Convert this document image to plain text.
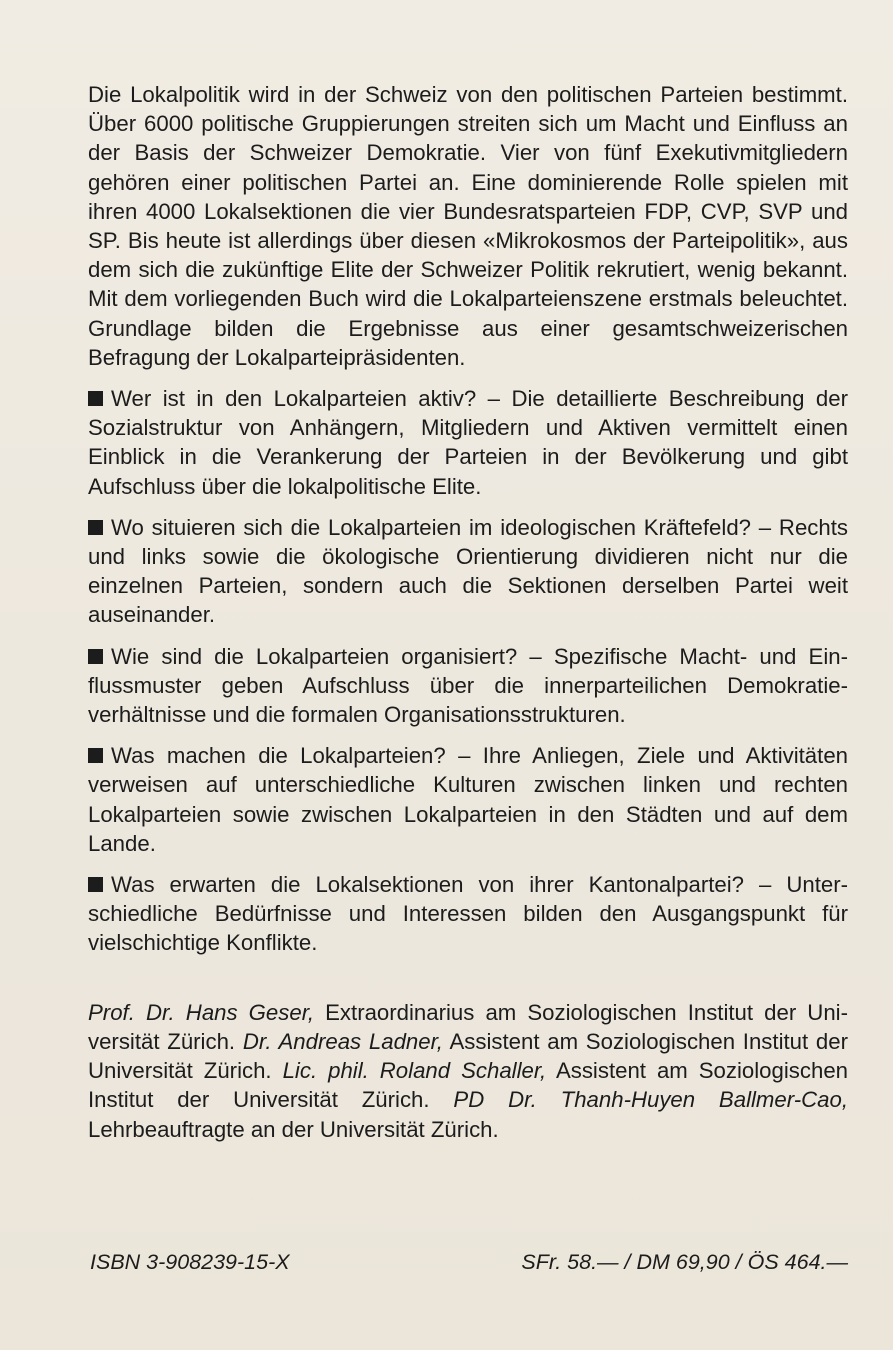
Die Lokalpolitik wird in der Schweiz von den politischen Parteien bestimmt. Über 6000 politische Gruppierungen streiten sich um Macht und Einfluss an der Basis der Schweizer Demokratie. Vier von fünf Exekutivmitgliedern gehören einer politischen Partei an. Eine dominierende Rolle spielen mit ihren 4000 Lokalsektionen die vier Bundesratsparteien FDP, CVP, SVP und SP. Bis heute ist allerdings über diesen «Mikrokosmos der Parteipolitik», aus dem sich die zukünftige Elite der Schweizer Politik rekrutiert, wenig bekannt. Mit dem vorliegenden Buch wird die Lokalparteienszene erstmals beleuchtet. Grundlage bilden die Ergebnisse aus einer gesamtschweizerischen Befragung der Lokalparteipräsidenten.

Wer ist in den Lokalparteien aktiv? – Die detaillierte Beschreibung der Sozialstruktur von Anhängern, Mitgliedern und Aktiven vermittelt einen Einblick in die Verankerung der Parteien in der Bevölkerung und gibt Aufschluss über die lokalpolitische Elite.

Wo situieren sich die Lokalparteien im ideologischen Kräftefeld? – Rechts und links sowie die ökologische Orientierung dividieren nicht nur die einzelnen Parteien, sondern auch die Sektionen derselben Partei weit auseinander.

Wie sind die Lokalparteien organisiert? – Spezifische Macht- und Einflussmuster geben Aufschluss über die innerparteilichen Demokratieverhältnisse und die formalen Organisationsstrukturen.

Was machen die Lokalparteien? – Ihre Anliegen, Ziele und Aktivitäten verweisen auf unterschiedliche Kulturen zwischen linken und rechten Lokalparteien sowie zwischen Lokalparteien in den Städten und auf dem Lande.

Was erwarten die Lokalsektionen von ihrer Kantonalpartei? – Unterschiedliche Bedürfnisse und Interessen bilden den Ausgangspunkt für vielschichtige Konflikte.

Prof. Dr. Hans Geser, Extraordinarius am Soziologischen Institut der Universität Zürich. Dr. Andreas Ladner, Assistent am Soziologischen Institut der Universität Zürich. Lic. phil. Roland Schaller, Assistent am Soziologischen Institut der Universität Zürich. PD Dr. Thanh-Huyen Ballmer-Cao, Lehrbeauftragte an der Universität Zürich.

ISBN 3-908239-15-X	SFr. 58.— / DM 69,90 / ÖS 464.—
